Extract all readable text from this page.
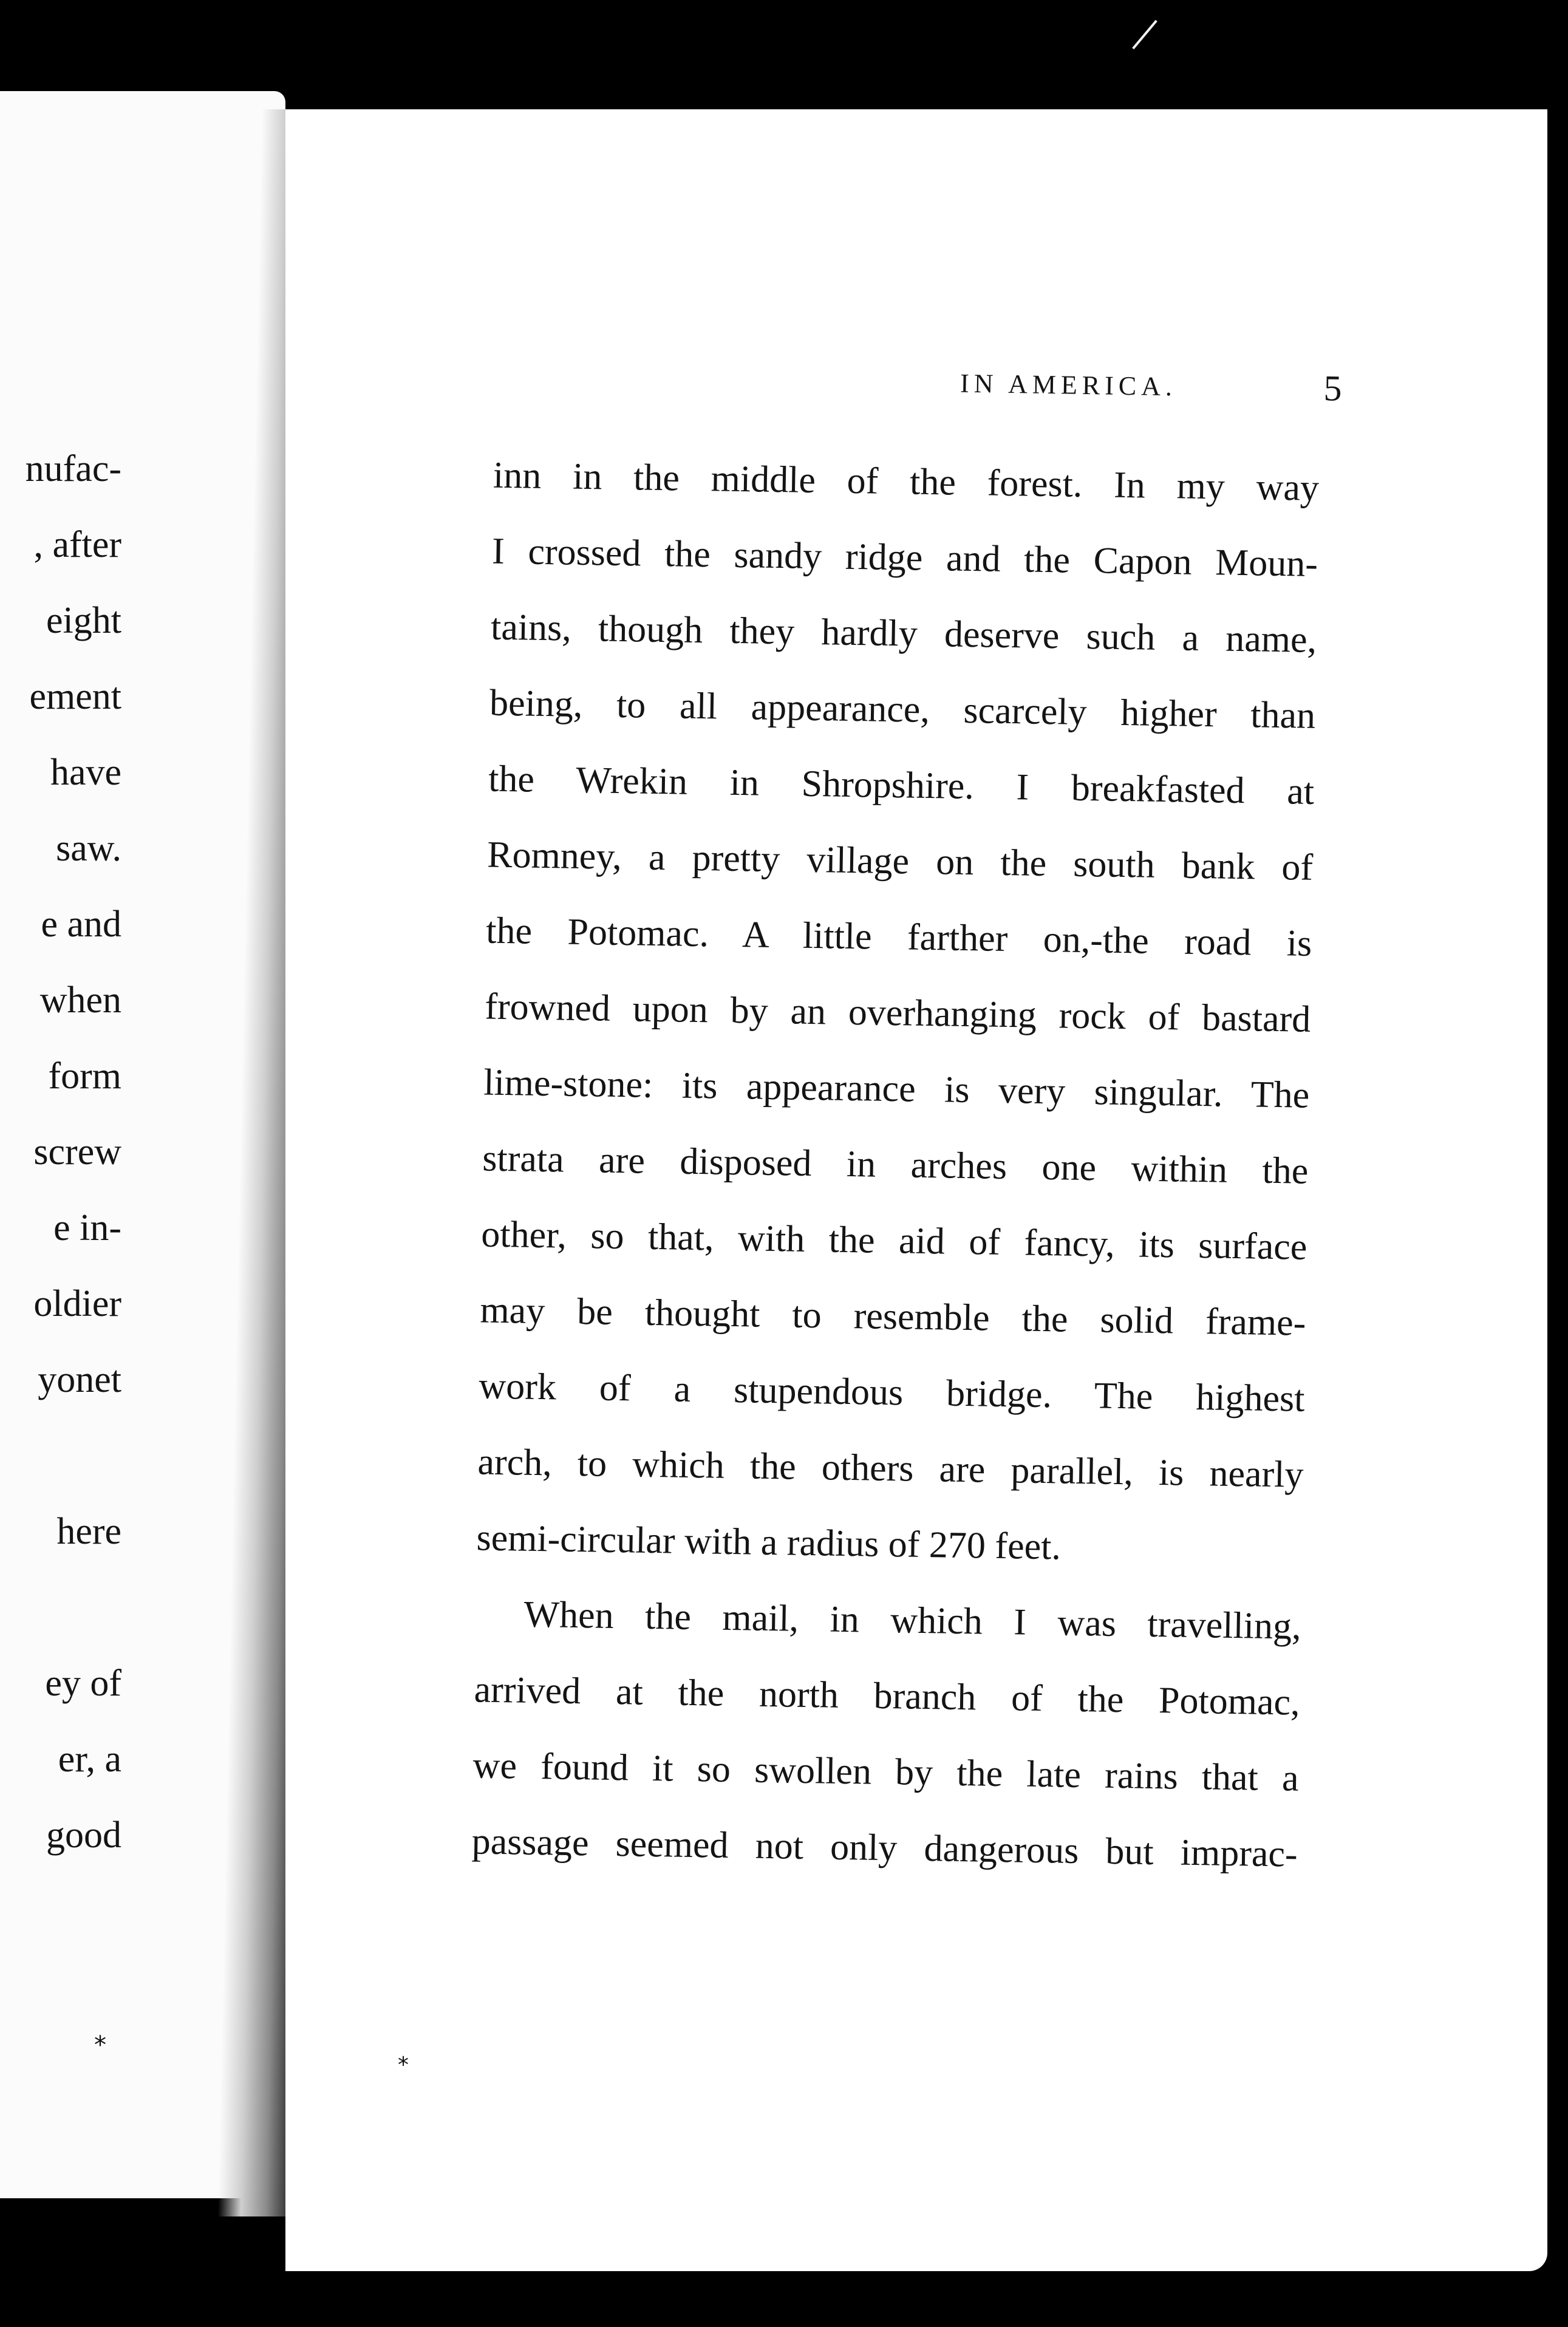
nufac-
, after
eight
ement
have
saw.
e and
when
form
screw
e in-
oldier
yonet
here
ey of
er, a
good
*
IN AMERICA.	5
inn in the middle of the forest. In my way
I crossed the sandy ridge and the Capon Moun-
tains, though they hardly deserve such a name,
being, to all appearance, scarcely higher than
the Wrekin in Shropshire. I breakfasted at
Romney, a pretty village on the south bank of
the Potomac. A little farther on,-the road is
frowned upon by an overhanging rock of bastard
lime-stone: its appearance is very singular. The
strata are disposed in arches one within the
other, so that, with the aid of fancy, its surface
may be thought to resemble the solid frame-
work of a stupendous bridge. The highest
arch, to which the others are parallel, is nearly
semi-circular with a radius of 270 feet.
When the mail, in which I was travelling,
arrived at the north branch of the Potomac,
we found it so swollen by the late rains that a
passage seemed not only dangerous but imprac-
*
